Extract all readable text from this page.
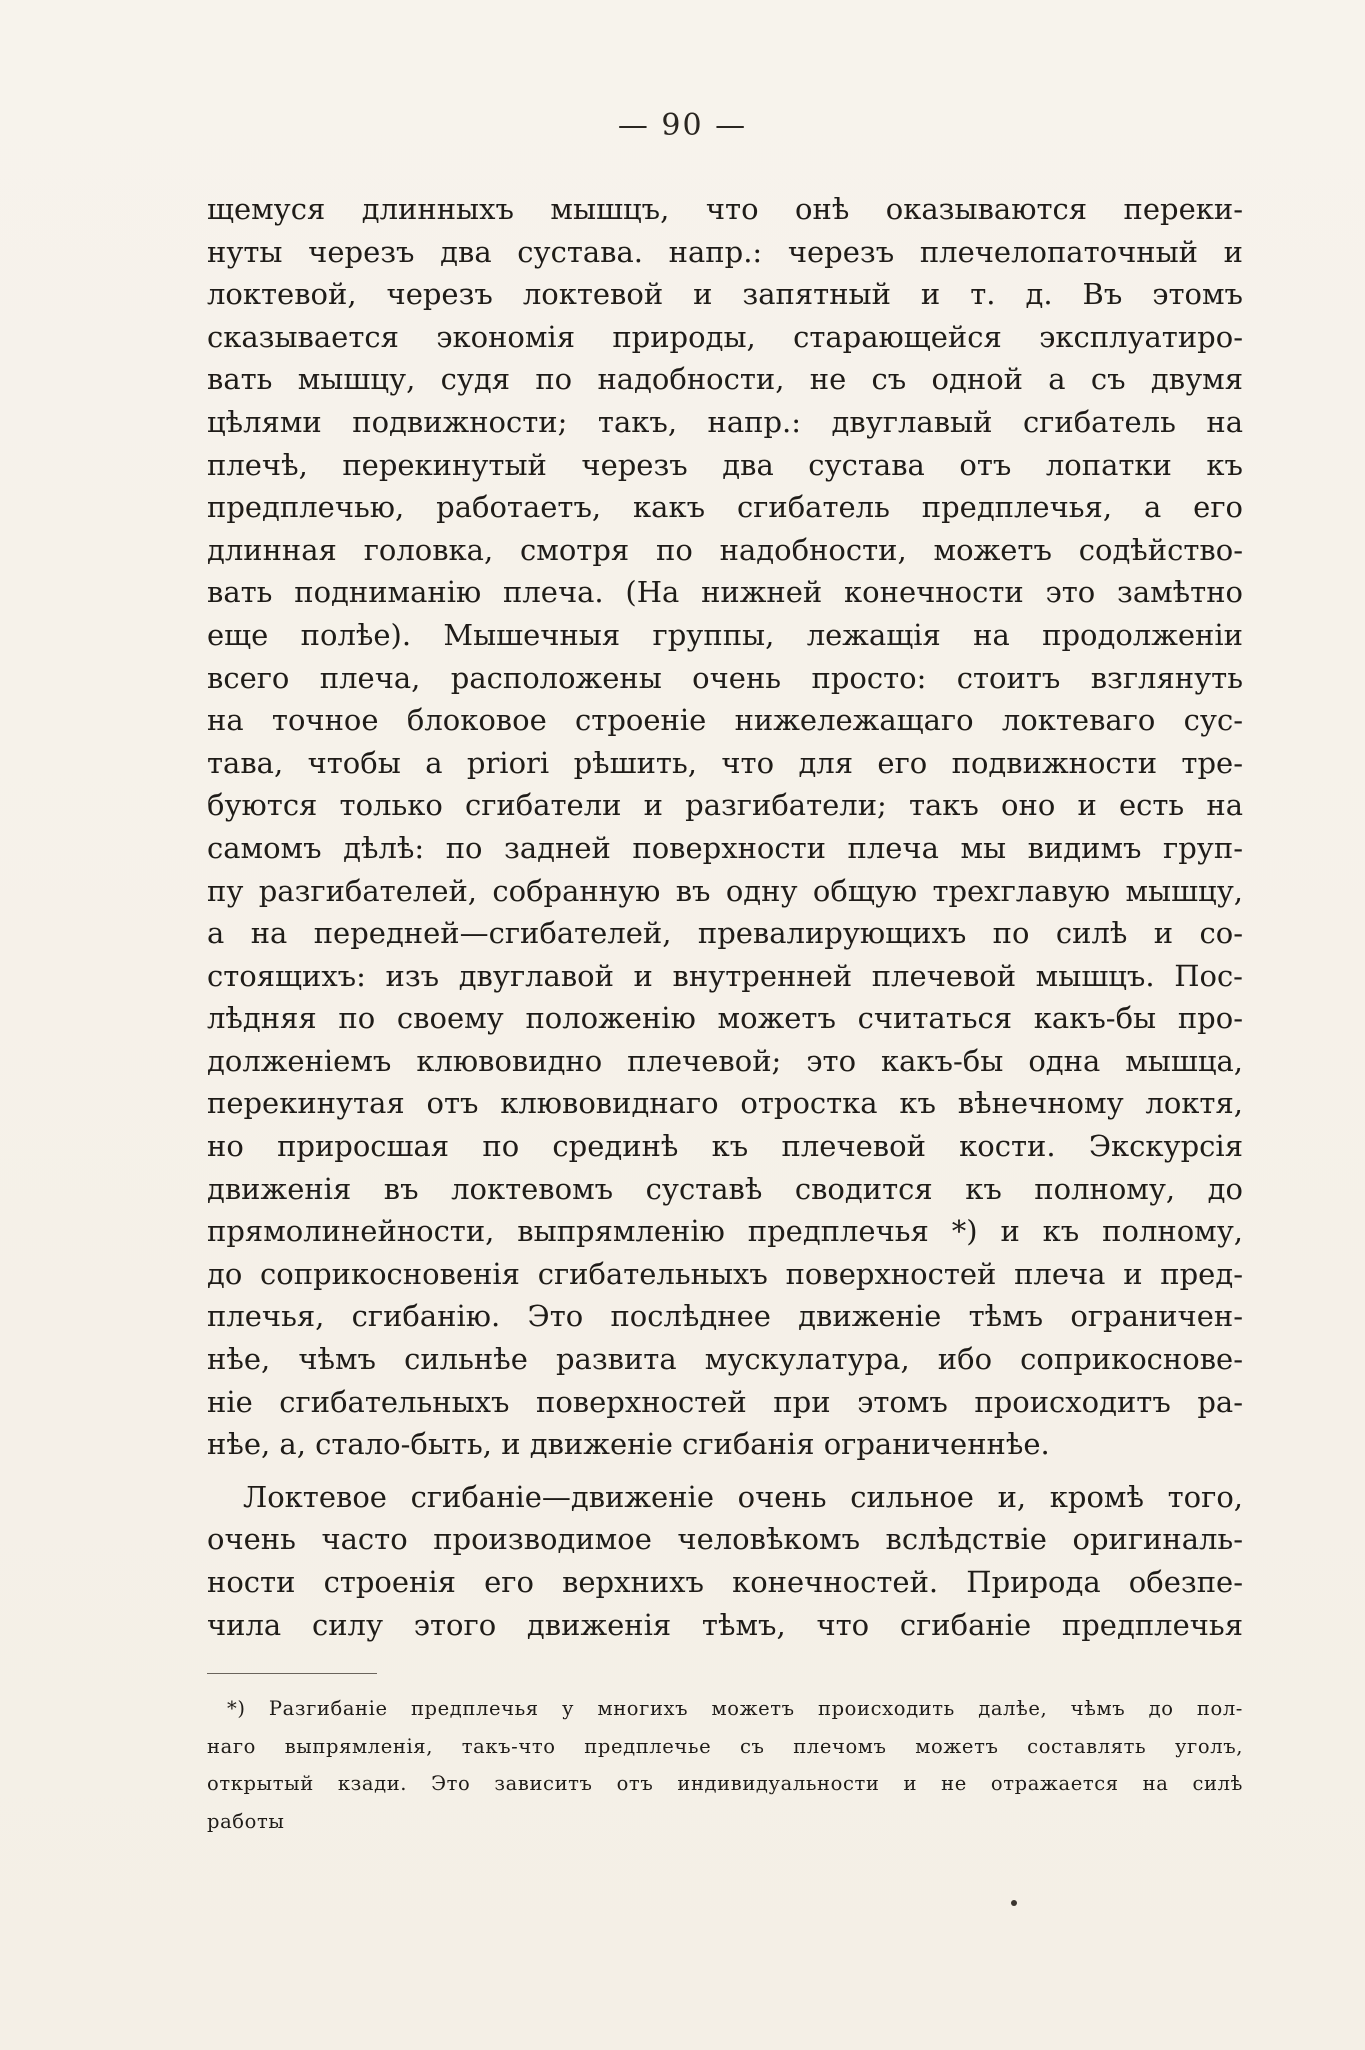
— 90 —
щемуся длинныхъ мышцъ, что онѣ оказываются переки-
нуты черезъ два сустава. напр.: черезъ плечелопаточный и
локтевой, черезъ локтевой и запятный и т. д. Въ этомъ
сказывается экономія природы, старающейся эксплуатиро-
вать мышцу, судя по надобности, не съ одной а съ двумя
цѣлями подвижности; такъ, напр.: двуглавый сгибатель на
плечѣ, перекинутый черезъ два сустава отъ лопатки къ
предплечью, работаетъ, какъ сгибатель предплечья, а его
длинная головка, смотря по надобности, можетъ содѣйство-
вать подниманію плеча. (На нижней конечности это замѣтно
еще полѣе). Мышечныя группы, лежащія на продолженіи
всего плеча, расположены очень просто: стоитъ взглянуть
на точное блоковое строеніе нижележащаго локтеваго сус-
тава, чтобы a priori рѣшить, что для его подвижности тре-
буются только сгибатели и разгибатели; такъ оно и есть на
самомъ дѣлѣ: по задней поверхности плеча мы видимъ груп-
пу разгибателей, собранную въ одну общую трехглавую мышцу,
а на передней—сгибателей, превалирующихъ по силѣ и со-
стоящихъ: изъ двуглавой и внутренней плечевой мышцъ. Пос-
лѣдняя по своему положенію можетъ считаться какъ-бы про-
долженіемъ клювовидно плечевой; это какъ-бы одна мышца,
перекинутая отъ клювовиднаго отростка къ вѣнечному локтя,
но приросшая по срединѣ къ плечевой кости. Экскурсія
движенія въ локтевомъ суставѣ сводится къ полному, до
прямолинейности, выпрямленію предплечья *) и къ полному,
до соприкосновенія сгибательныхъ поверхностей плеча и пред-
плечья, сгибанію. Это послѣднее движеніе тѣмъ ограничен-
нѣе, чѣмъ сильнѣе развита мускулатура, ибо соприкоснове-
ніе сгибательныхъ поверхностей при этомъ происходитъ ра-
нѣе, а, стало-быть, и движеніе сгибанія ограниченнѣе.
Локтевое сгибаніе—движеніе очень сильное и, кромѣ того,
очень часто производимое человѣкомъ вслѣдствіе оригиналь-
ности строенія его верхнихъ конечностей. Природа обезпе-
чила силу этого движенія тѣмъ, что сгибаніе предплечья
*) Разгибаніе предплечья у многихъ можетъ происходить далѣе, чѣмъ до пол-
наго выпрямленія, такъ-что предплечье съ плечомъ можетъ составлять уголъ,
открытый кзади. Это зависитъ отъ индивидуальности и не отражается на силѣ
работы
